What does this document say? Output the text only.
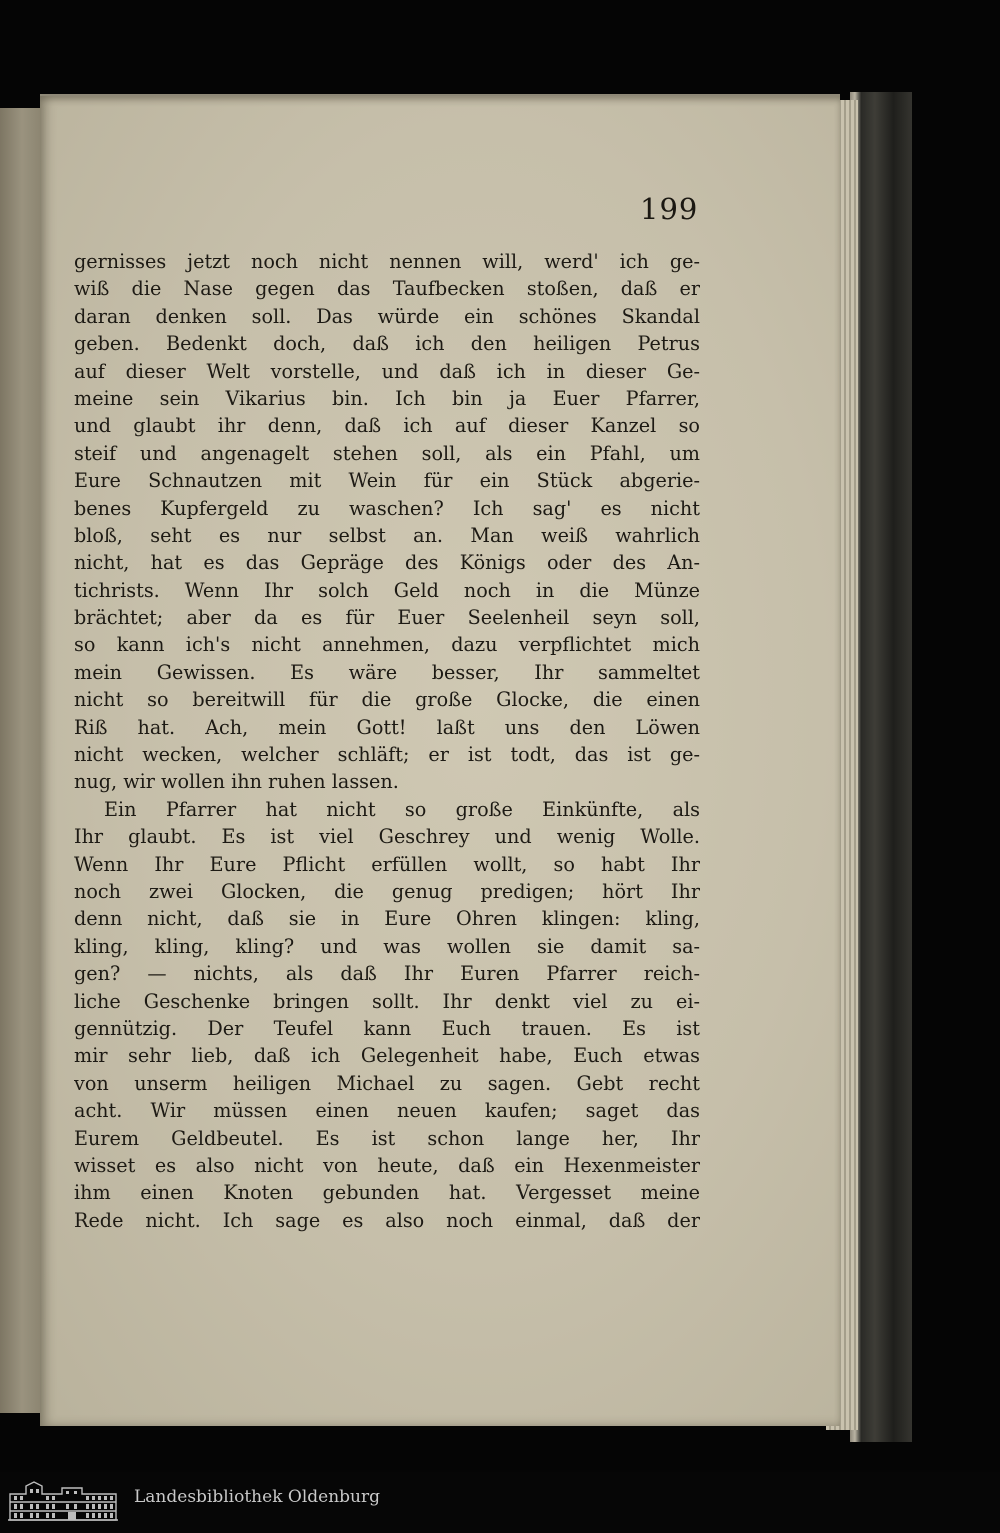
199

gernisses jetzt noch nicht nennen will, werd' ich ge-
wiß die Nase gegen das Taufbecken stoßen, daß er
daran denken soll. Das würde ein schönes Skandal
geben. Bedenkt doch, daß ich den heiligen Petrus
auf dieser Welt vorstelle, und daß ich in dieser Ge-
meine sein Vikarius bin. Ich bin ja Euer Pfarrer,
und glaubt ihr denn, daß ich auf dieser Kanzel so
steif und angenagelt stehen soll, als ein Pfahl, um
Eure Schnautzen mit Wein für ein Stück abgerie-
benes Kupfergeld zu waschen? Ich sag' es nicht
bloß, seht es nur selbst an. Man weiß wahrlich
nicht, hat es das Gepräge des Königs oder des An-
tichrists. Wenn Ihr solch Geld noch in die Münze
brächtet; aber da es für Euer Seelenheil seyn soll,
so kann ich's nicht annehmen, dazu verpflichtet mich
mein Gewissen. Es wäre besser, Ihr sammeltet
nicht so bereitwill für die große Glocke, die einen
Riß hat. Ach, mein Gott! laßt uns den Löwen
nicht wecken, welcher schläft; er ist todt, das ist ge-
nug, wir wollen ihn ruhen lassen.
Ein Pfarrer hat nicht so große Einkünfte, als
Ihr glaubt. Es ist viel Geschrey und wenig Wolle.
Wenn Ihr Eure Pflicht erfüllen wollt, so habt Ihr
noch zwei Glocken, die genug predigen; hört Ihr
denn nicht, daß sie in Eure Ohren klingen: kling,
kling, kling, kling? und was wollen sie damit sa-
gen? — nichts, als daß Ihr Euren Pfarrer reich-
liche Geschenke bringen sollt. Ihr denkt viel zu ei-
gennützig. Der Teufel kann Euch trauen. Es ist
mir sehr lieb, daß ich Gelegenheit habe, Euch etwas
von unserm heiligen Michael zu sagen. Gebt recht
acht. Wir müssen einen neuen kaufen; saget das
Eurem Geldbeutel. Es ist schon lange her, Ihr
wisset es also nicht von heute, daß ein Hexenmeister
ihm einen Knoten gebunden hat. Vergesset meine
Rede nicht. Ich sage es also noch einmal, daß der

Landesbibliothek Oldenburg
